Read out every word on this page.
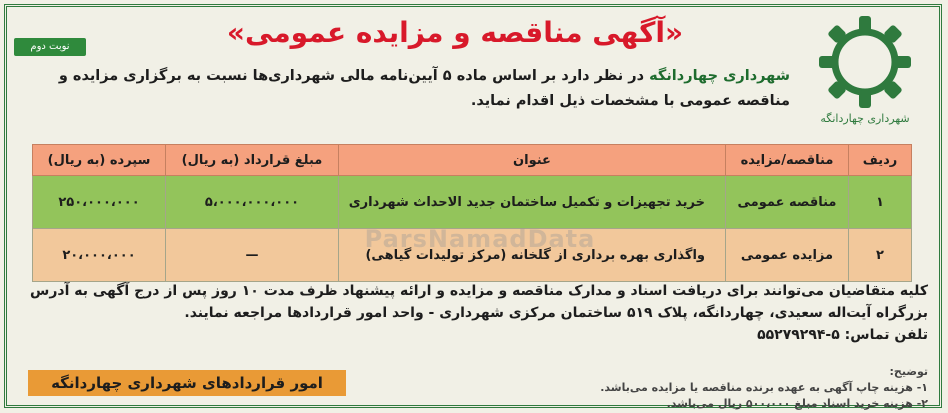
شهرداری چهاردانگه
نوبت دوم	«آگهی مناقصه و مزایده عمومی»
شهرداری چهاردانگه در نظر دارد بر اساس ماده ۵ آیین‌نامه مالی شهرداری‌ها نسبت به برگزاری مزایده و مناقصه عمومی با مشخصات ذیل اقدام نماید.
ردیف	مناقصه/مزایده	عنوان	مبلغ قرارداد (به ریال)	سپرده (به ریال)
۱	مناقصه عمومی	خرید تجهیزات و تکمیل ساختمان جدید الاحداث شهرداری	۵،۰۰۰،۰۰۰،۰۰۰	۲۵۰،۰۰۰،۰۰۰
۲	مزایده عمومی	واگذاری بهره برداری از گلخانه (مرکز تولیدات گیاهی)	—	۲۰،۰۰۰،۰۰۰
ParsNamadData
کلیه متقاضیان می‌توانند برای دریافت اسناد و مدارک مناقصه و مزایده و ارائه پیشنهاد ظرف مدت ۱۰ روز پس از درج آگهی به آدرس بزرگراه آیت‌اله سعیدی، چهاردانگه، پلاک ۵۱۹ ساختمان مرکزی شهرداری - واحد امور قراردادها مراجعه نمایند.
تلفن تماس: ۵-۵۵۲۷۹۲۹۴
توضیح:
۱- هزینه چاپ آگهی به عهده برنده مناقصه یا مزایده می‌باشد.
۲- هزینه خرید اسناد مبلغ ۵۰۰،۰۰۰ ریال می‌باشد.
امور قراردادهای شهرداری چهاردانگه
